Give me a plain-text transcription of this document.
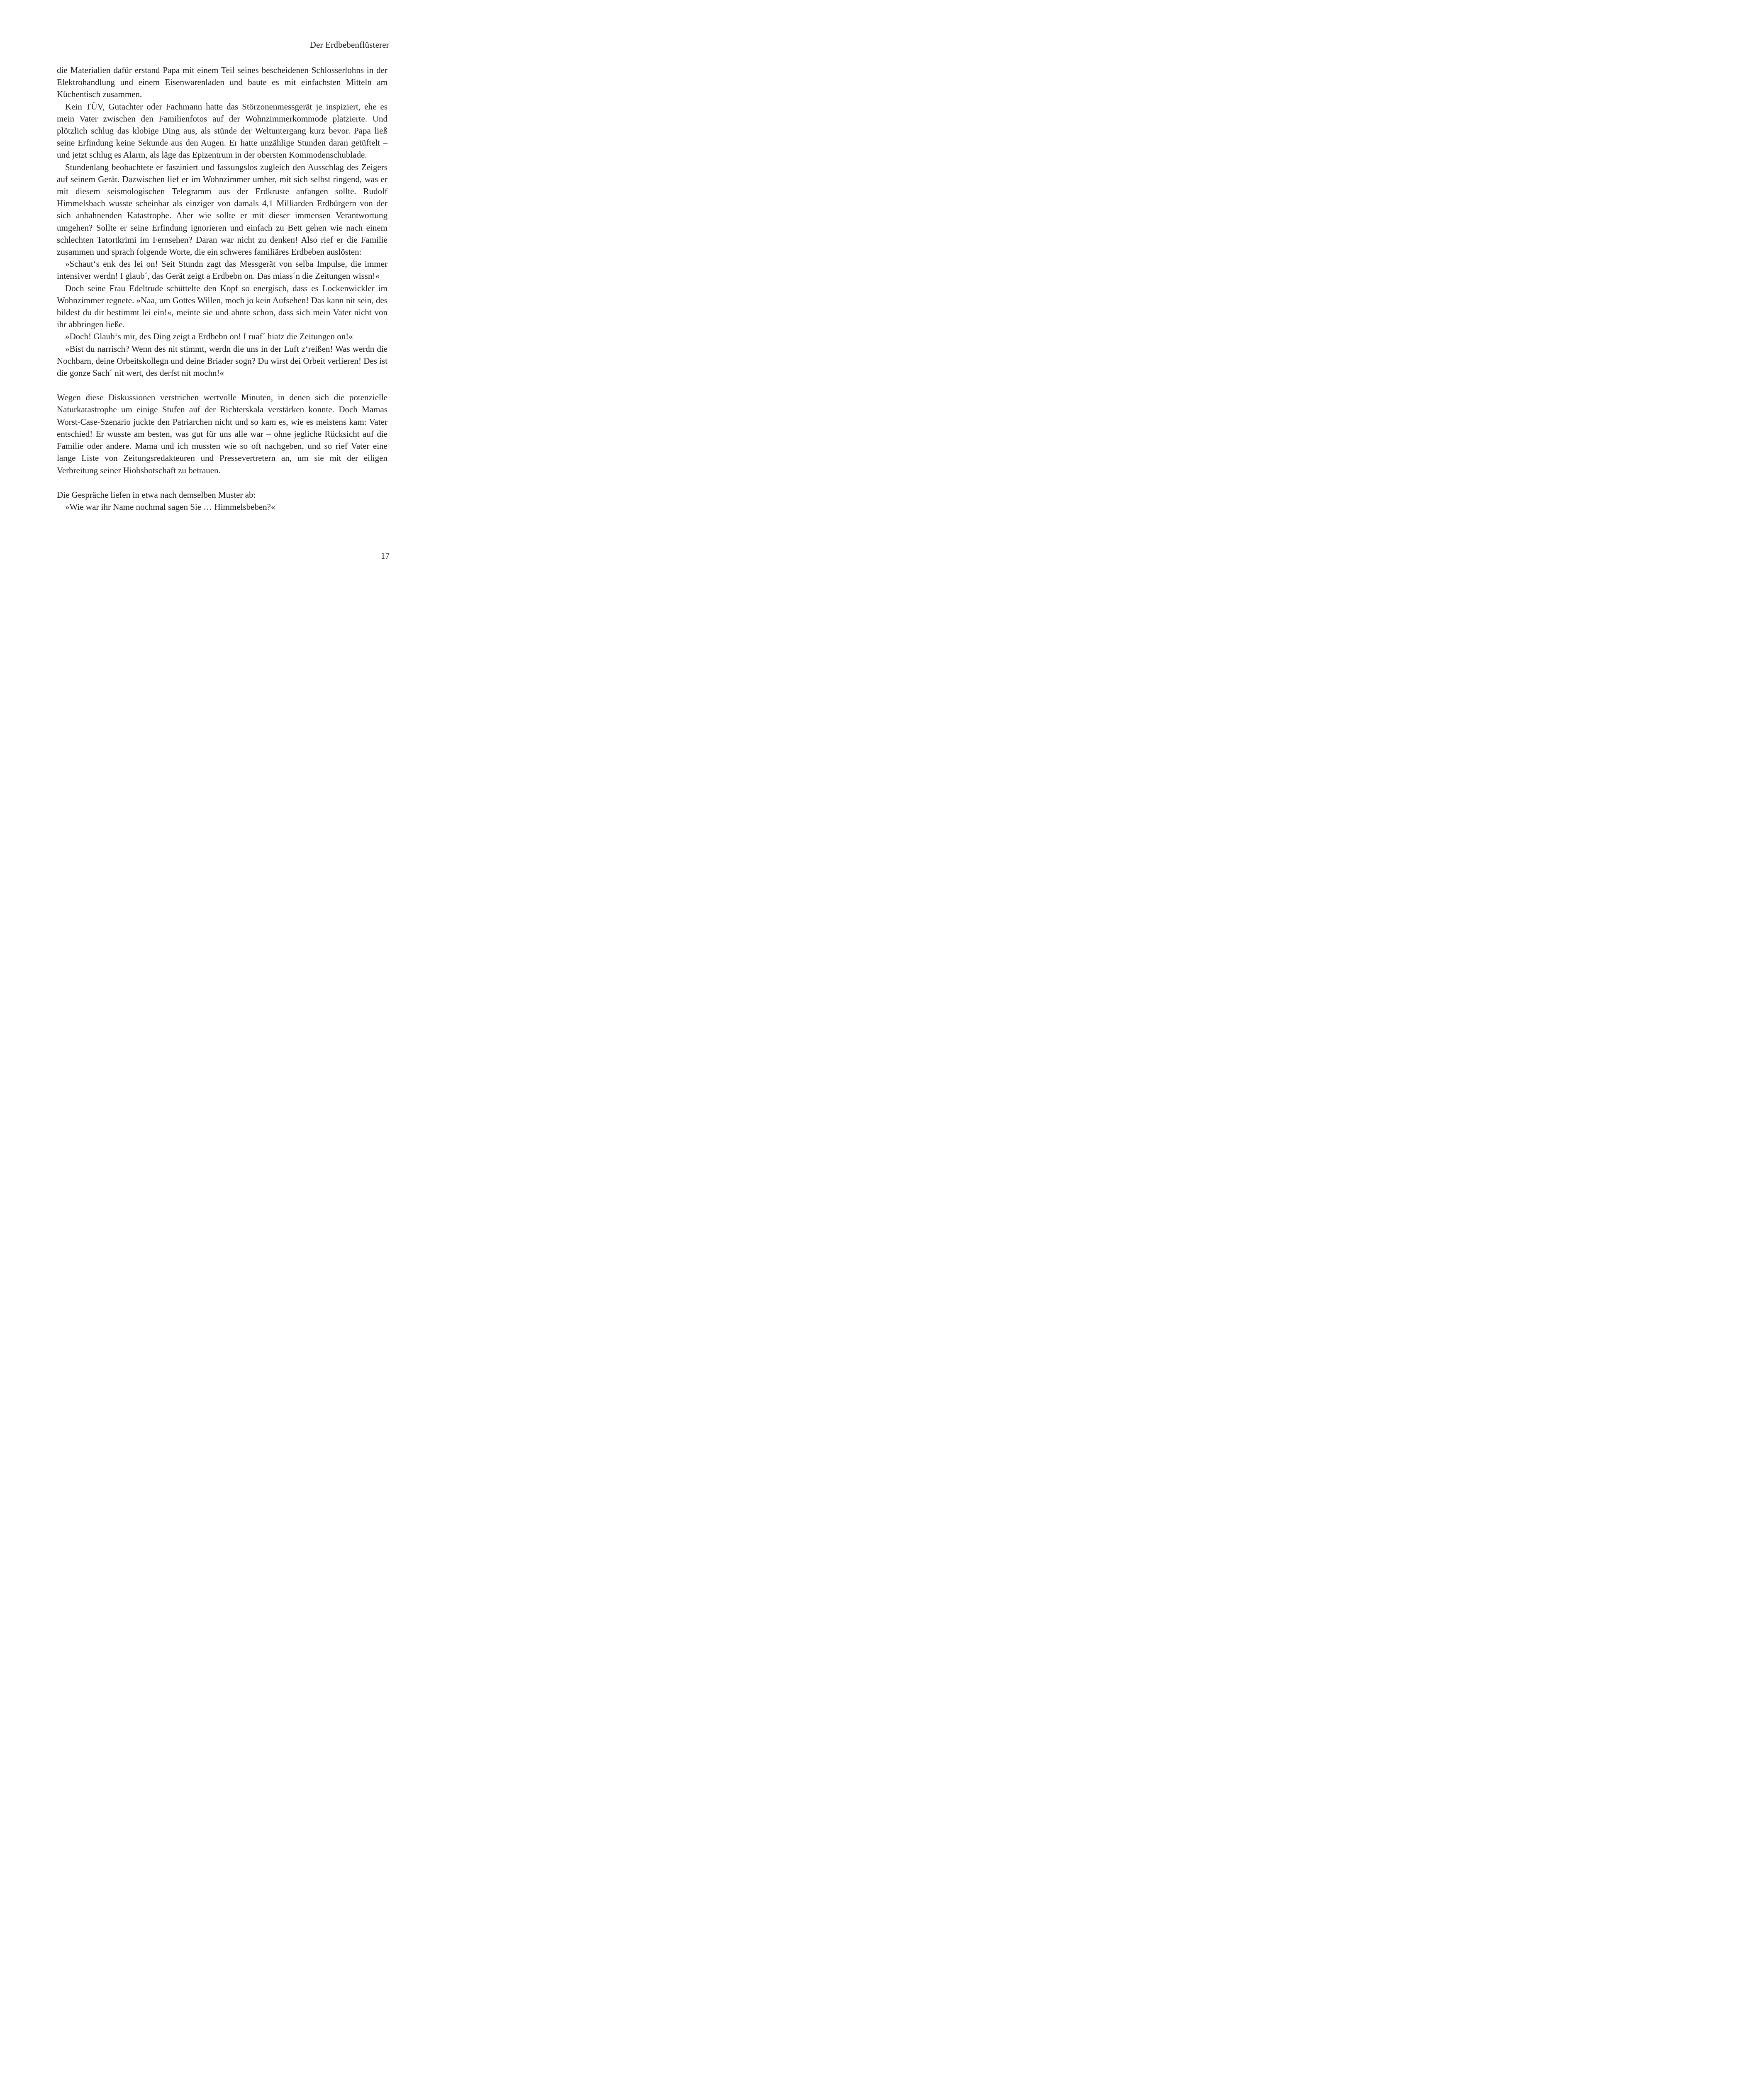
Der Erdbebenflüsterer

die Materialien dafür erstand Papa mit einem Teil seines bescheidenen Schlosserlohns in der Elektrohandlung und einem Eisenwarenladen und baute es mit einfachsten Mitteln am Küchentisch zusammen.

Kein TÜV, Gutachter oder Fachmann hatte das Störzonenmessgerät je inspiziert, ehe es mein Vater zwischen den Familienfotos auf der Wohnzimmerkommode platzierte. Und plötzlich schlug das klobige Ding aus, als stünde der Weltuntergang kurz bevor. Papa ließ seine Erfindung keine Sekunde aus den Augen. Er hatte unzählige Stunden daran getüftelt – und jetzt schlug es Alarm, als läge das Epizentrum in der obersten Kommodenschublade.

Stundenlang beobachtete er fasziniert und fassungslos zugleich den Ausschlag des Zeigers auf seinem Gerät. Dazwischen lief er im Wohnzimmer umher, mit sich selbst ringend, was er mit diesem seismologischen Telegramm aus der Erdkruste anfangen sollte. Rudolf Himmelsbach wusste scheinbar als einziger von damals 4,1 Milliarden Erdbürgern von der sich anbahnenden Katastrophe. Aber wie sollte er mit dieser immensen Verantwortung umgehen? Sollte er seine Erfindung ignorieren und einfach zu Bett gehen wie nach einem schlechten Tatortkrimi im Fernsehen? Daran war nicht zu denken! Also rief er die Familie zusammen und sprach folgende Worte, die ein schweres familiäres Erdbeben auslösten:

»Schaut‘s enk des lei on! Seit Stundn zagt das Messgerät von selba Impulse, die immer intensiver werdn! I glaub´, das Gerät zeigt a Erdbebn on. Das miass´n die Zeitungen wissn!«

Doch seine Frau Edeltrude schüttelte den Kopf so energisch, dass es Lockenwickler im Wohnzimmer regnete. »Naa, um Gottes Willen, moch jo kein Aufsehen! Das kann nit sein, des bildest du dir bestimmt lei ein!«, meinte sie und ahnte schon, dass sich mein Vater nicht von ihr abbringen ließe.

»Doch! Glaub‘s mir, des Ding zeigt a Erdbebn on! I ruaf´ hiatz die Zeitungen on!«

»Bist du narrisch? Wenn des nit stimmt, werdn die uns in der Luft z‘reißen! Was werdn die Nochbarn, deine Orbeitskollegn und deine Briader sogn? Du wirst dei Orbeit verlieren! Des ist die gonze Sach´ nit wert, des derfst nit mochn!«

Wegen diese Diskussionen verstrichen wertvolle Minuten, in denen sich die potenzielle Naturkatastrophe um einige Stufen auf der Richterskala verstärken konnte. Doch Mamas Worst-Case-Szenario juckte den Patriarchen nicht und so kam es, wie es meistens kam: Vater entschied! Er wusste am besten, was gut für uns alle war – ohne jegliche Rücksicht auf die Familie oder andere. Mama und ich mussten wie so oft nachgeben, und so rief Vater eine lange Liste von Zeitungsredakteuren und Pressevertretern an, um sie mit der eiligen Verbreitung seiner Hiobsbotschaft zu betrauen.

Die Gespräche liefen in etwa nach demselben Muster ab:

»Wie war ihr Name nochmal sagen Sie … Himmelsbeben?«

17
